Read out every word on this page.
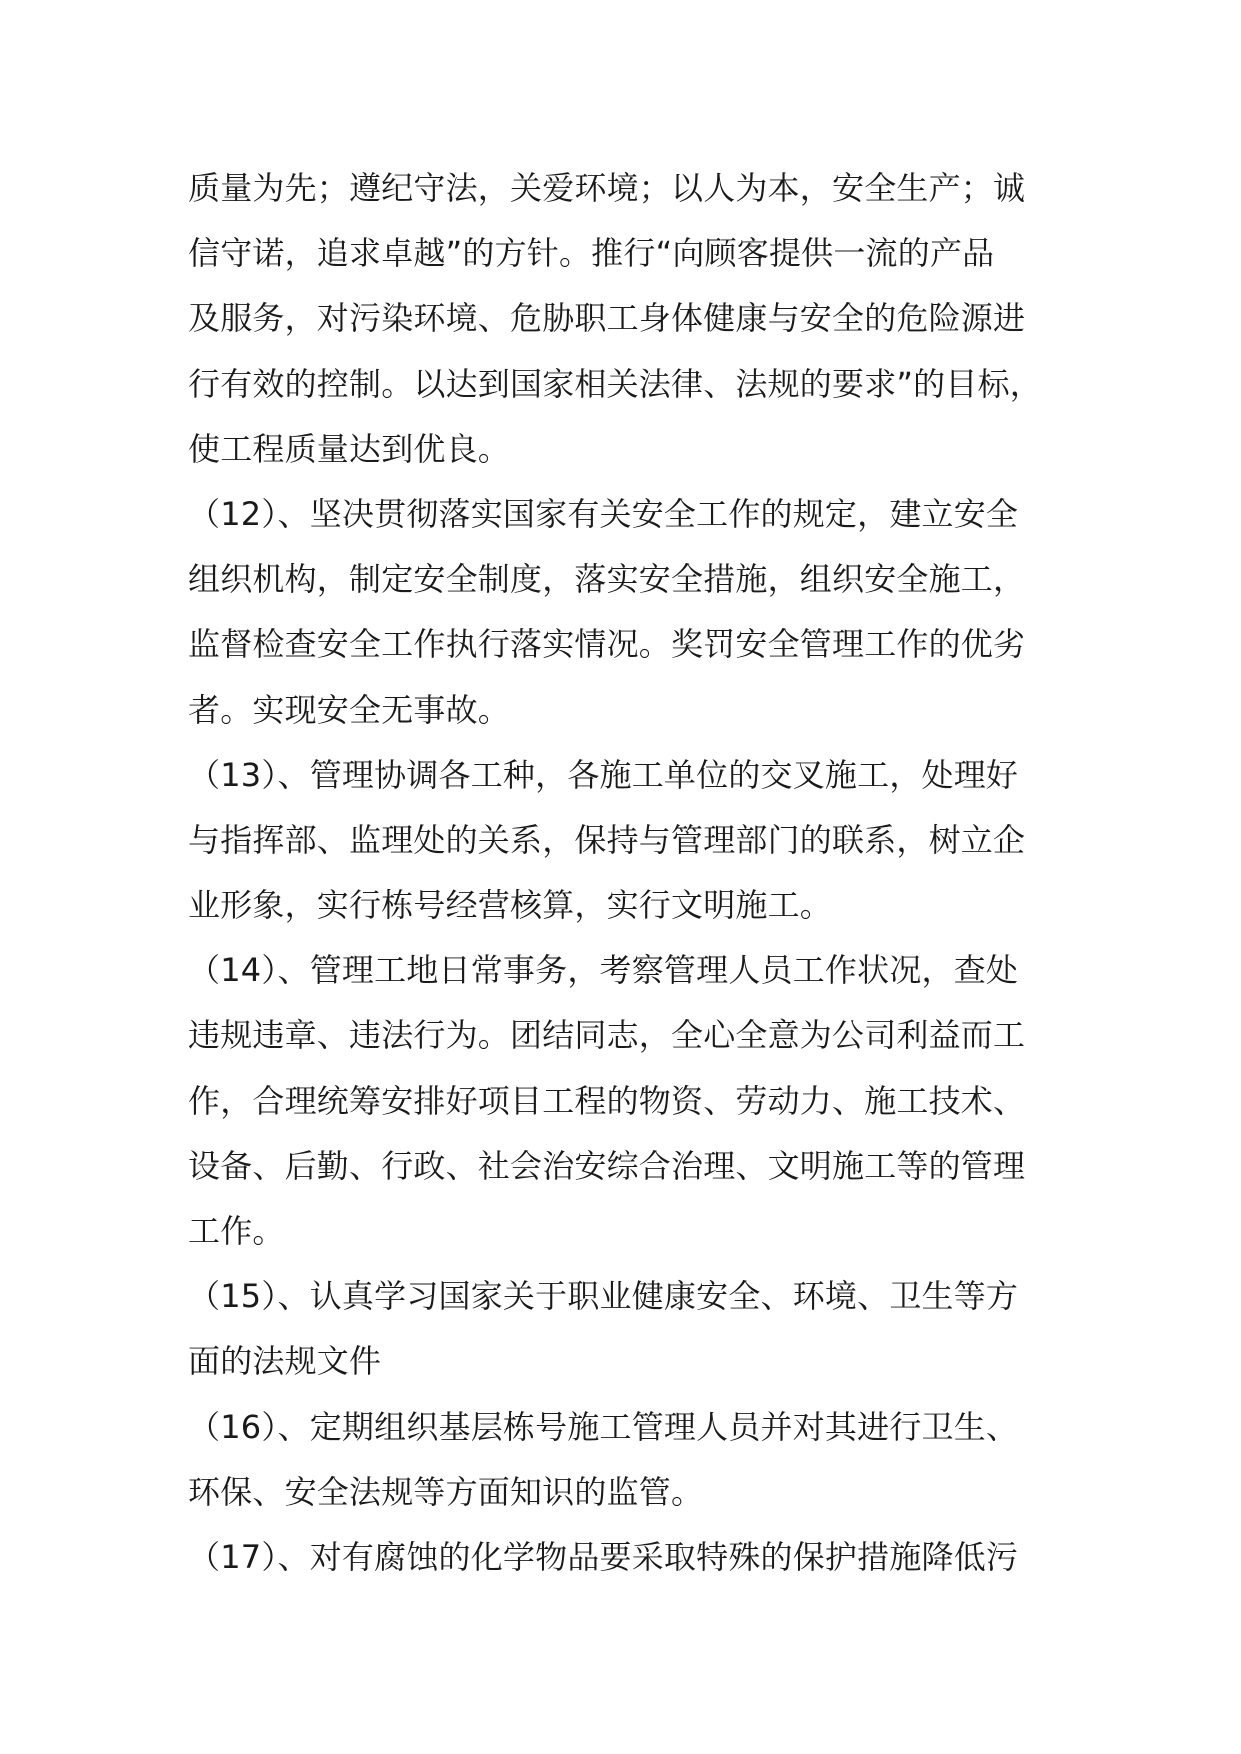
质量为先；遵纪守法，关爱环境；以人为本，安全生产；诚
信守诺，追求卓越”的方针。推行“向顾客提供一流的产品
及服务，对污染环境、危胁职工身体健康与安全的危险源进
行有效的控制。以达到国家相关法律、法规的要求”的目标，
使工程质量达到优良。
（12）、坚决贯彻落实国家有关安全工作的规定，建立安全
组织机构，制定安全制度，落实安全措施，组织安全施工，
监督检查安全工作执行落实情况。奖罚安全管理工作的优劣
者。实现安全无事故。
（13）、管理协调各工种，各施工单位的交叉施工，处理好
与指挥部、监理处的关系，保持与管理部门的联系，树立企
业形象，实行栋号经营核算，实行文明施工。
（14）、管理工地日常事务，考察管理人员工作状况，查处
违规违章、违法行为。团结同志，全心全意为公司利益而工
作，合理统筹安排好项目工程的物资、劳动力、施工技术、
设备、后勤、行政、社会治安综合治理、文明施工等的管理
工作。
（15）、认真学习国家关于职业健康安全、环境、卫生等方
面的法规文件
（16）、定期组织基层栋号施工管理人员并对其进行卫生、
环保、安全法规等方面知识的监管。
（17）、对有腐蚀的化学物品要采取特殊的保护措施降低污
